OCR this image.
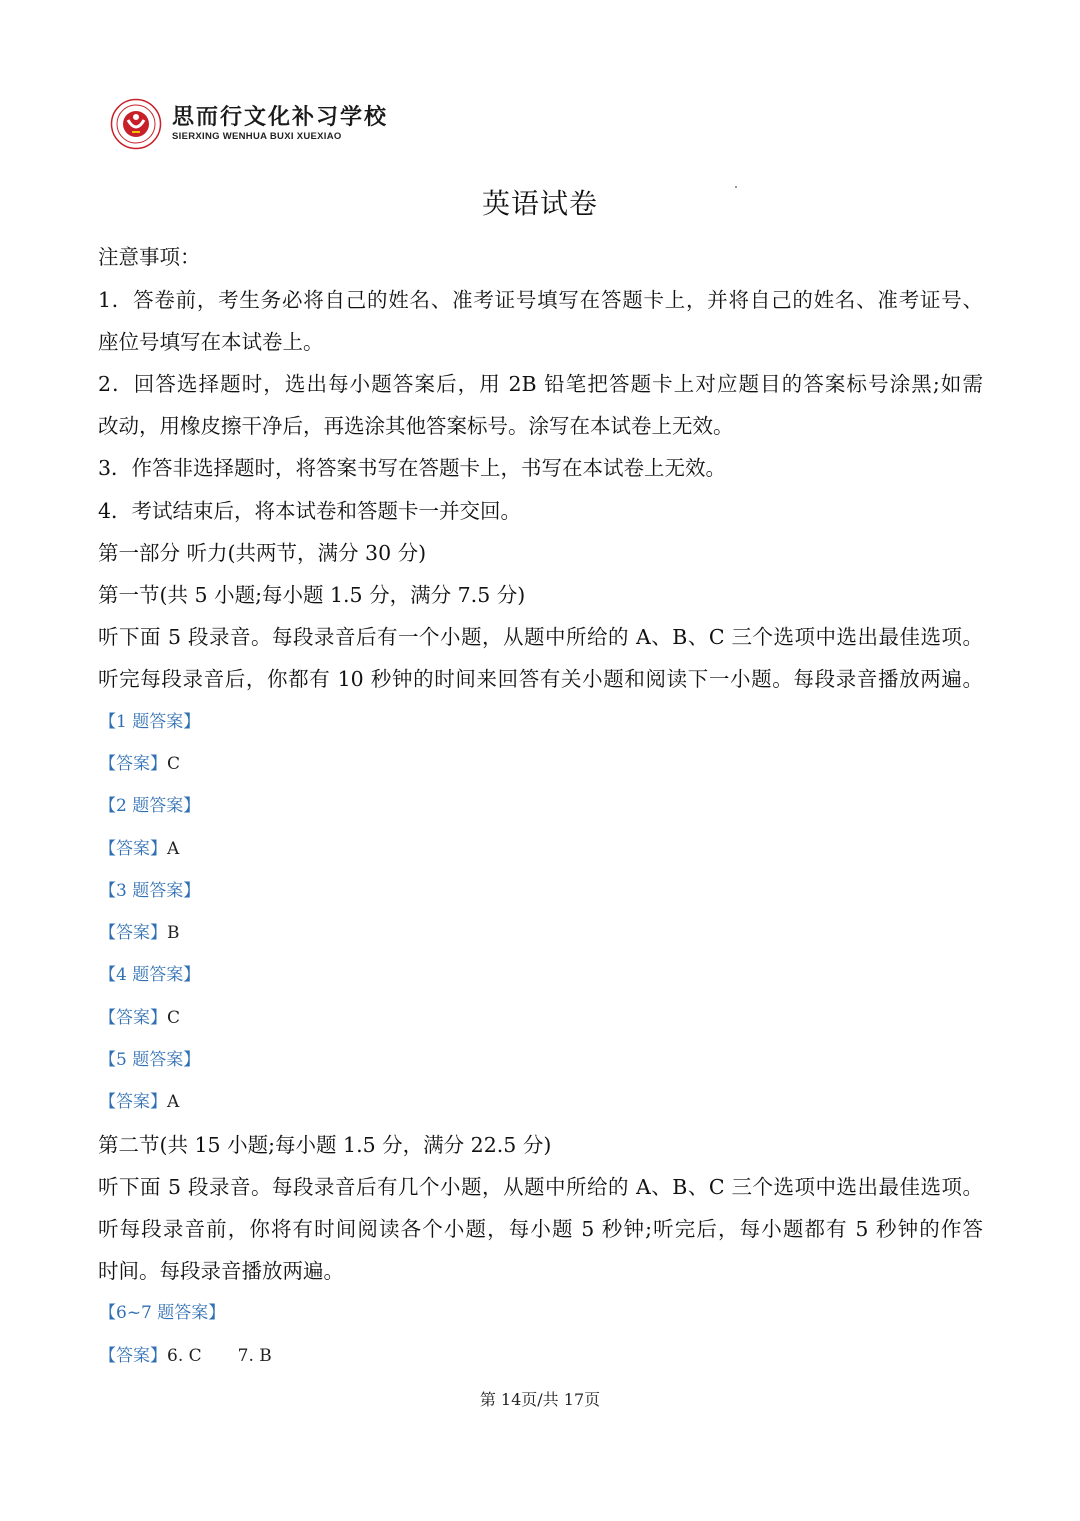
思而行文化补习学校
SIERXING WENHUA BUXI XUEXIAO
英语试卷
注意事项：
1．答卷前，考生务必将自己的姓名、准考证号填写在答题卡上，并将自己的姓名、准考证号、
座位号填写在本试卷上。
2．回答选择题时，选出每小题答案后，用 2B 铅笔把答题卡上对应题目的答案标号涂黑;如需
改动，用橡皮擦干净后，再选涂其他答案标号。涂写在本试卷上无效。
3．作答非选择题时，将答案书写在答题卡上，书写在本试卷上无效。
4．考试结束后，将本试卷和答题卡一并交回。
第一部分 听力(共两节，满分 30 分)
第一节(共 5 小题;每小题 1.5 分，满分 7.5 分)
听下面 5 段录音。每段录音后有一个小题，从题中所给的 A、B、C 三个选项中选出最佳选项。
听完每段录音后，你都有 10 秒钟的时间来回答有关小题和阅读下一小题。每段录音播放两遍。
【1 题答案】
【答案】C
【2 题答案】
【答案】A
【3 题答案】
【答案】B
【4 题答案】
【答案】C
【5 题答案】
【答案】A
第二节(共 15 小题;每小题 1.5 分，满分 22.5 分)
听下面 5 段录音。每段录音后有几个小题，从题中所给的 A、B、C 三个选项中选出最佳选项。
听每段录音前，你将有时间阅读各个小题，每小题 5 秒钟;听完后，每小题都有 5 秒钟的作答
时间。每段录音播放两遍。
【6~7 题答案】
【答案】6. C 7. B
第 14页/共 17页
